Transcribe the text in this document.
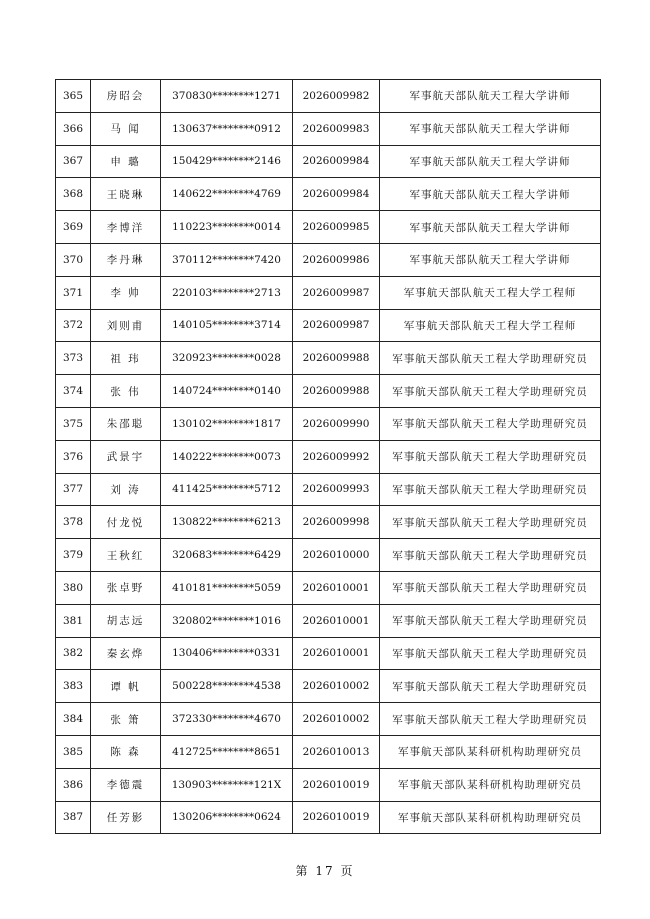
365	房昭会	370830********1271	2026009982	军事航天部队航天工程大学讲师
366	马 闻	130637********0912	2026009983	军事航天部队航天工程大学讲师
367	申 璐	150429********2146	2026009984	军事航天部队航天工程大学讲师
368	王晓琳	140622********4769	2026009984	军事航天部队航天工程大学讲师
369	李博洋	110223********0014	2026009985	军事航天部队航天工程大学讲师
370	李丹琳	370112********7420	2026009986	军事航天部队航天工程大学讲师
371	李 帅	220103********2713	2026009987	军事航天部队航天工程大学工程师
372	刘则甫	140105********3714	2026009987	军事航天部队航天工程大学工程师
373	祖 玮	320923********0028	2026009988	军事航天部队航天工程大学助理研究员
374	张 伟	140724********0140	2026009988	军事航天部队航天工程大学助理研究员
375	朱邵聪	130102********1817	2026009990	军事航天部队航天工程大学助理研究员
376	武景宇	140222********0073	2026009992	军事航天部队航天工程大学助理研究员
377	刘 涛	411425********5712	2026009993	军事航天部队航天工程大学助理研究员
378	付龙悦	130822********6213	2026009998	军事航天部队航天工程大学助理研究员
379	王秋红	320683********6429	2026010000	军事航天部队航天工程大学助理研究员
380	张卓野	410181********5059	2026010001	军事航天部队航天工程大学助理研究员
381	胡志远	320802********1016	2026010001	军事航天部队航天工程大学助理研究员
382	秦玄烨	130406********0331	2026010001	军事航天部队航天工程大学助理研究员
383	谭 帆	500228********4538	2026010002	军事航天部队航天工程大学助理研究员
384	张 箫	372330********4670	2026010002	军事航天部队航天工程大学助理研究员
385	陈 森	412725********8651	2026010013	军事航天部队某科研机构助理研究员
386	李德震	130903********121X	2026010019	军事航天部队某科研机构助理研究员
387	任芳影	130206********0624	2026010019	军事航天部队某科研机构助理研究员
第 17 页
